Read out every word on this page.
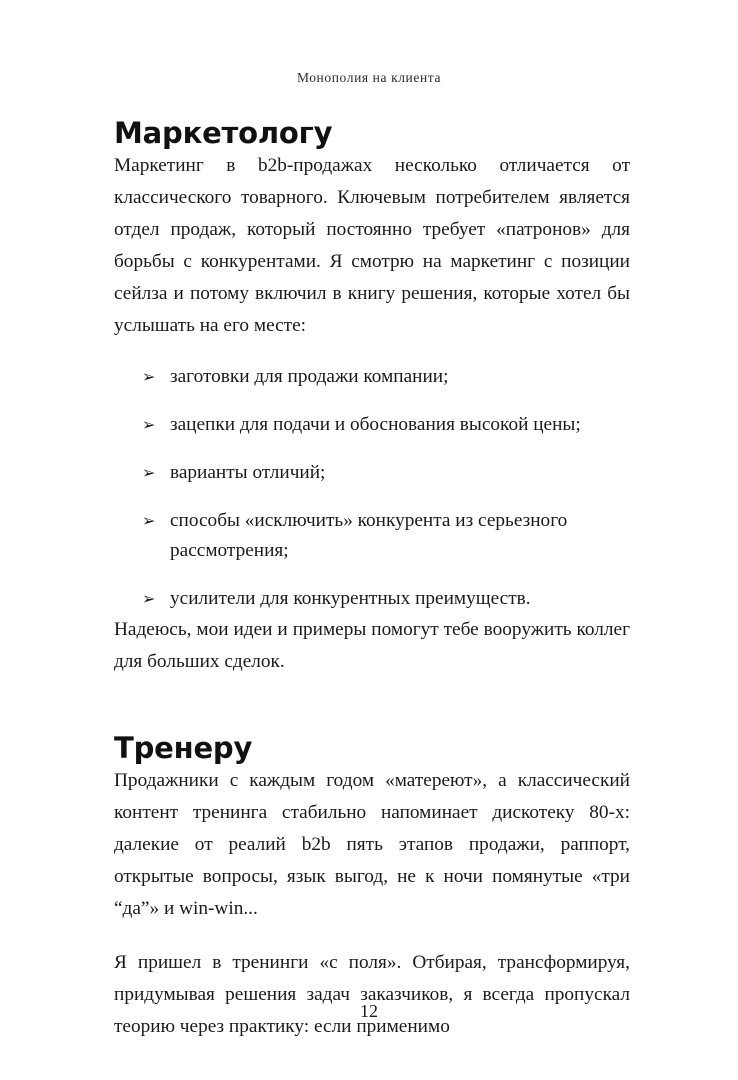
Монополия на клиента
Маркетологу

Маркетинг в b2b-продажах несколько отличается от классического товарного. Ключевым потребителем является отдел продаж, который постоянно требует «патронов» для борьбы с конкурентами. Я смотрю на маркетинг с позиции сейлза и потому включил в книгу решения, которые хотел бы услышать на его месте:

➢ заготовки для продажи компании;
➢ зацепки для подачи и обоснования высокой цены;
➢ варианты отличий;
➢ способы «исключить» конкурента из серьезного рассмотрения;
➢ усилители для конкурентных преимуществ.

Надеюсь, мои идеи и примеры помогут тебе вооружить коллег для больших сделок.

Тренеру

Продажники с каждым годом «матереют», а классический контент тренинга стабильно напоминает дискотеку 80-х: далекие от реалий b2b пять этапов продажи, раппорт, открытые вопросы, язык выгод, не к ночи помянутые «три “да”» и win-win...

Я пришел в тренинги «с поля». Отбирая, трансформируя, придумывая решения задач заказчиков, я всегда пропускал теорию через практику: если применимо

12
